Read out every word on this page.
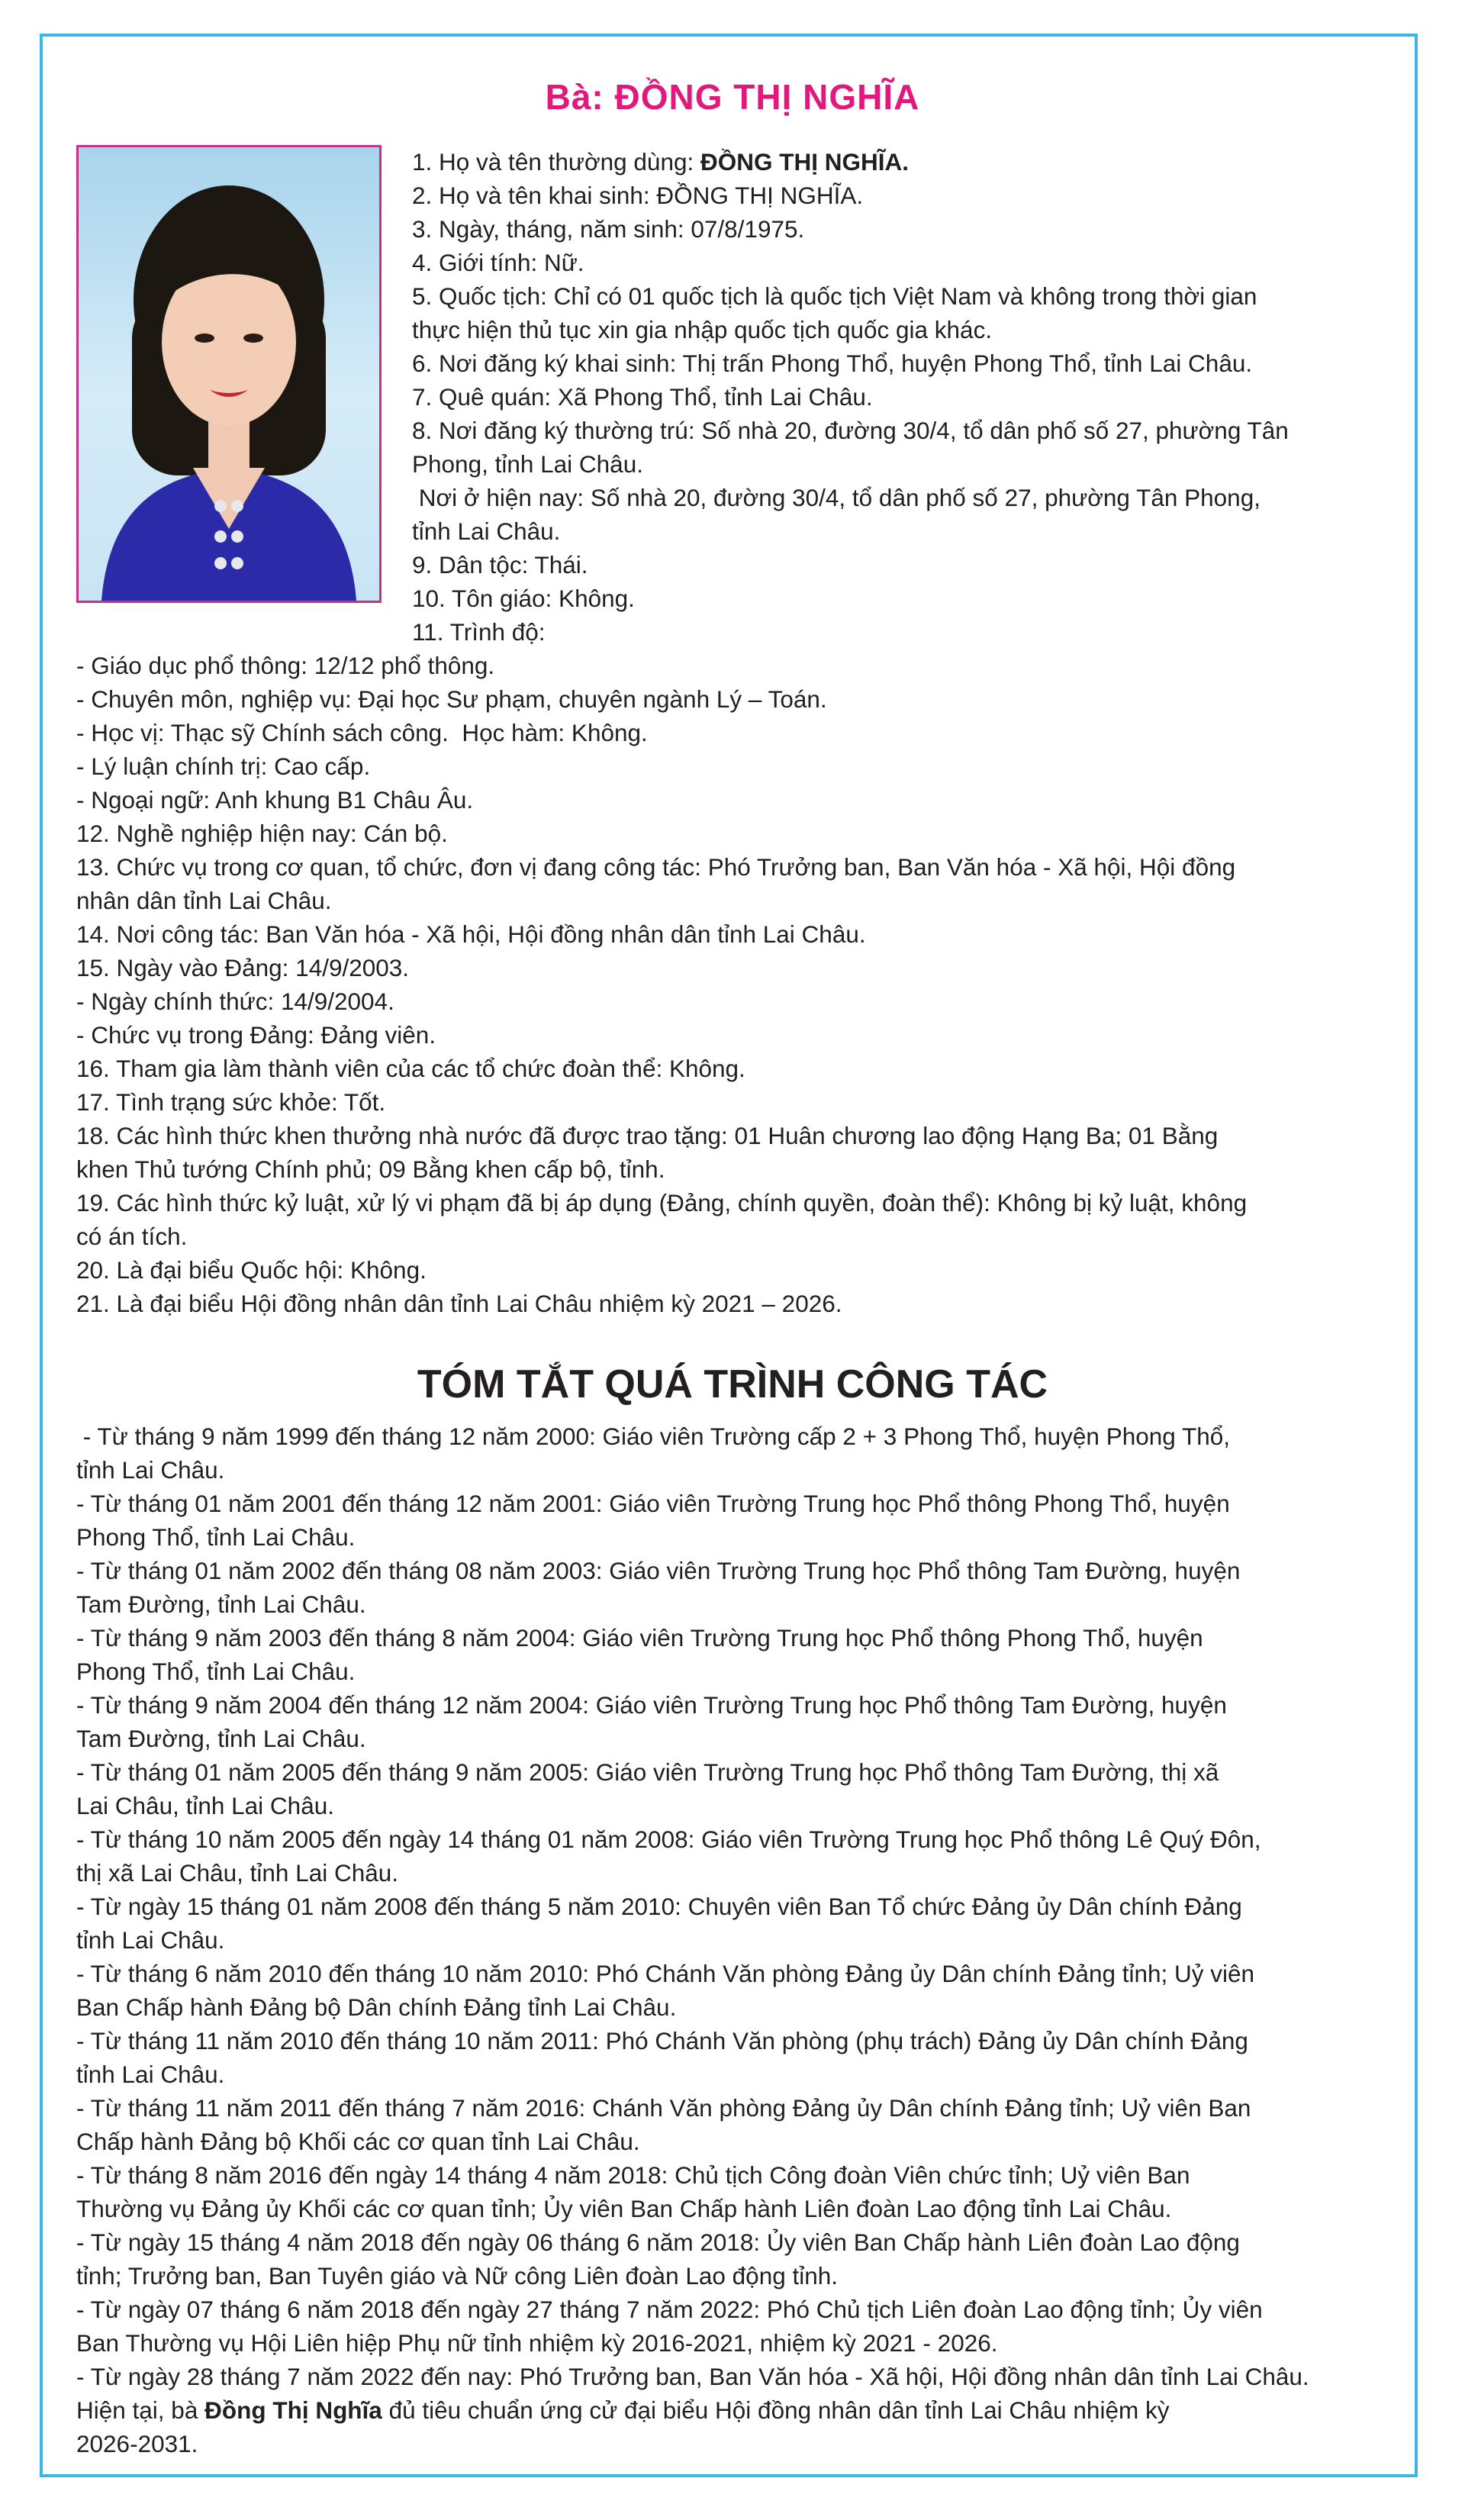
Bà: ĐỒNG THỊ NGHĨA

1. Họ và tên thường dùng: ĐỒNG THỊ NGHĨA.

2. Họ và tên khai sinh: ĐỒNG THỊ NGHĨA.

3. Ngày, tháng, năm sinh: 07/8/1975.

4. Giới tính: Nữ.

5. Quốc tịch: Chỉ có 01 quốc tịch là quốc tịch Việt Nam và không trong thời gian

thực hiện thủ tục xin gia nhập quốc tịch quốc gia khác.

6. Nơi đăng ký khai sinh: Thị trấn Phong Thổ, huyện Phong Thổ, tỉnh Lai Châu.

7. Quê quán: Xã Phong Thổ, tỉnh Lai Châu.

8. Nơi đăng ký thường trú: Số nhà 20, đường 30/4, tổ dân phố số 27, phường Tân

Phong, tỉnh Lai Châu.

Nơi ở hiện nay: Số nhà 20, đường 30/4, tổ dân phố số 27, phường Tân Phong,

tỉnh Lai Châu.

9. Dân tộc: Thái.

10. Tôn giáo: Không.

11. Trình độ:

- Giáo dục phổ thông: 12/12 phổ thông.

- Chuyên môn, nghiệp vụ: Đại học Sư phạm, chuyên ngành Lý – Toán.

- Học vị: Thạc sỹ Chính sách công.  Học hàm: Không.

- Lý luận chính trị: Cao cấp.

- Ngoại ngữ: Anh khung B1 Châu Âu.

12. Nghề nghiệp hiện nay: Cán bộ.

13. Chức vụ trong cơ quan, tổ chức, đơn vị đang công tác: Phó Trưởng ban, Ban Văn hóa - Xã hội, Hội đồng

nhân dân tỉnh Lai Châu.

14. Nơi công tác: Ban Văn hóa - Xã hội, Hội đồng nhân dân tỉnh Lai Châu.

15. Ngày vào Đảng: 14/9/2003.

- Ngày chính thức: 14/9/2004.

- Chức vụ trong Đảng: Đảng viên.

16. Tham gia làm thành viên của các tổ chức đoàn thể: Không.

17. Tình trạng sức khỏe: Tốt.

18. Các hình thức khen thưởng nhà nước đã được trao tặng: 01 Huân chương lao động Hạng Ba; 01 Bằng

khen Thủ tướng Chính phủ; 09 Bằng khen cấp bộ, tỉnh.

19. Các hình thức kỷ luật, xử lý vi phạm đã bị áp dụng (Đảng, chính quyền, đoàn thể): Không bị kỷ luật, không

có án tích.

20. Là đại biểu Quốc hội: Không.

21. Là đại biểu Hội đồng nhân dân tỉnh Lai Châu nhiệm kỳ 2021 – 2026.

TÓM TẮT QUÁ TRÌNH CÔNG TÁC

- Từ tháng 9 năm 1999 đến tháng 12 năm 2000: Giáo viên Trường cấp 2 + 3 Phong Thổ, huyện Phong Thổ,

tỉnh Lai Châu.

- Từ tháng 01 năm 2001 đến tháng 12 năm 2001: Giáo viên Trường Trung học Phổ thông Phong Thổ, huyện

Phong Thổ, tỉnh Lai Châu.

- Từ tháng 01 năm 2002 đến tháng 08 năm 2003: Giáo viên Trường Trung học Phổ thông Tam Đường, huyện

Tam Đường, tỉnh Lai Châu.

- Từ tháng 9 năm 2003 đến tháng 8 năm 2004: Giáo viên Trường Trung học Phổ thông Phong Thổ, huyện

Phong Thổ, tỉnh Lai Châu.

- Từ tháng 9 năm 2004 đến tháng 12 năm 2004: Giáo viên Trường Trung học Phổ thông Tam Đường, huyện

Tam Đường, tỉnh Lai Châu.

- Từ tháng 01 năm 2005 đến tháng 9 năm 2005: Giáo viên Trường Trung học Phổ thông Tam Đường, thị xã

Lai Châu, tỉnh Lai Châu.

- Từ tháng 10 năm 2005 đến ngày 14 tháng 01 năm 2008: Giáo viên Trường Trung học Phổ thông Lê Quý Đôn,

thị xã Lai Châu, tỉnh Lai Châu.

- Từ ngày 15 tháng 01 năm 2008 đến tháng 5 năm 2010: Chuyên viên Ban Tổ chức Đảng ủy Dân chính Đảng

tỉnh Lai Châu.

- Từ tháng 6 năm 2010 đến tháng 10 năm 2010: Phó Chánh Văn phòng Đảng ủy Dân chính Đảng tỉnh; Uỷ viên

Ban Chấp hành Đảng bộ Dân chính Đảng tỉnh Lai Châu.

- Từ tháng 11 năm 2010 đến tháng 10 năm 2011: Phó Chánh Văn phòng (phụ trách) Đảng ủy Dân chính Đảng

tỉnh Lai Châu.

- Từ tháng 11 năm 2011 đến tháng 7 năm 2016: Chánh Văn phòng Đảng ủy Dân chính Đảng tỉnh; Uỷ viên Ban

Chấp hành Đảng bộ Khối các cơ quan tỉnh Lai Châu.

- Từ tháng 8 năm 2016 đến ngày 14 tháng 4 năm 2018: Chủ tịch Công đoàn Viên chức tỉnh; Uỷ viên Ban

Thường vụ Đảng ủy Khối các cơ quan tỉnh; Ủy viên Ban Chấp hành Liên đoàn Lao động tỉnh Lai Châu.

- Từ ngày 15 tháng 4 năm 2018 đến ngày 06 tháng 6 năm 2018: Ủy viên Ban Chấp hành Liên đoàn Lao động

tỉnh; Trưởng ban, Ban Tuyên giáo và Nữ công Liên đoàn Lao động tỉnh.

- Từ ngày 07 tháng 6 năm 2018 đến ngày 27 tháng 7 năm 2022: Phó Chủ tịch Liên đoàn Lao động tỉnh; Ủy viên

Ban Thường vụ Hội Liên hiệp Phụ nữ tỉnh nhiệm kỳ 2016-2021, nhiệm kỳ 2021 - 2026.

- Từ ngày 28 tháng 7 năm 2022 đến nay: Phó Trưởng ban, Ban Văn hóa - Xã hội, Hội đồng nhân dân tỉnh Lai Châu.

Hiện tại, bà Đồng Thị Nghĩa đủ tiêu chuẩn ứng cử đại biểu Hội đồng nhân dân tỉnh Lai Châu nhiệm kỳ

2026-2031.
